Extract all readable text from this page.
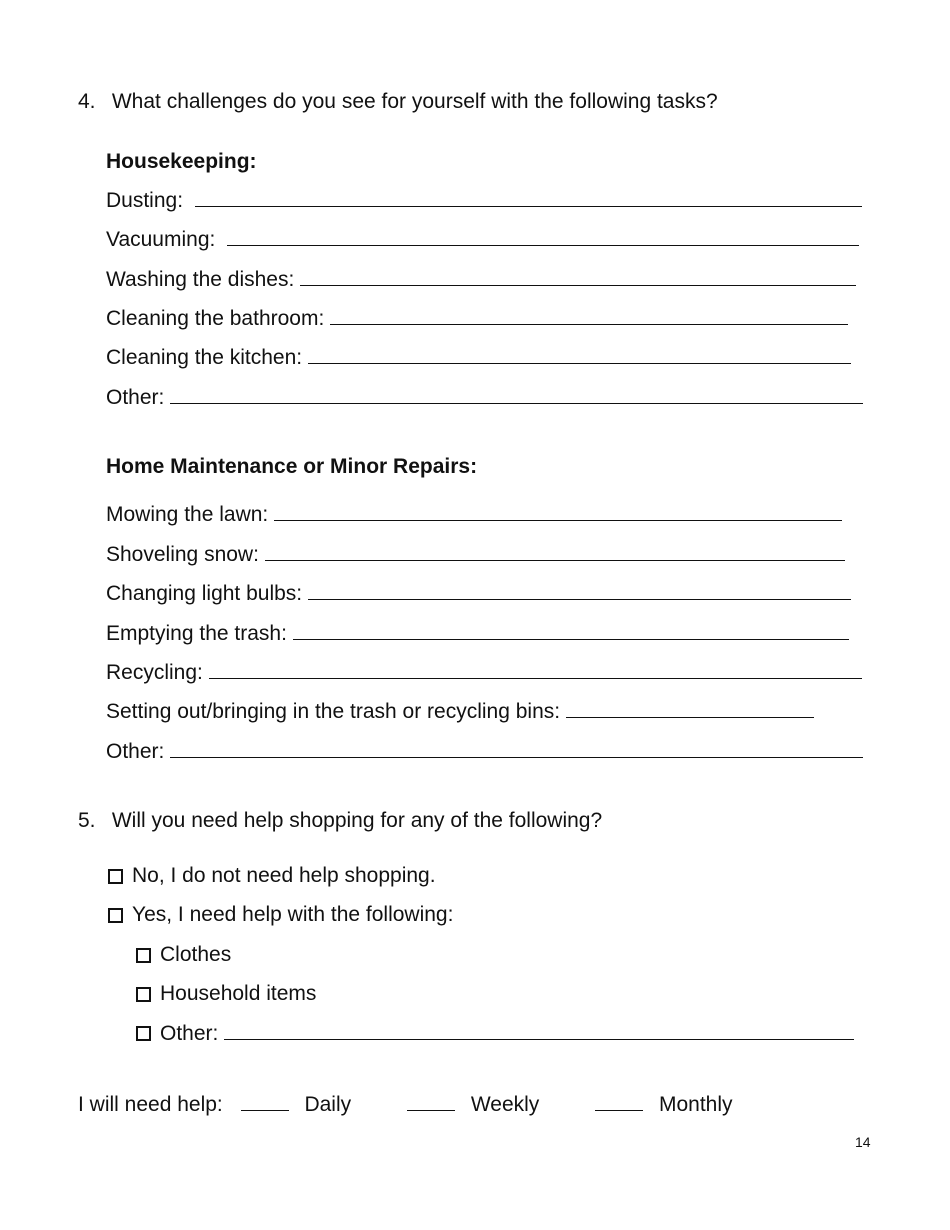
4. What challenges do you see for yourself with the following tasks?
Housekeeping:
Dusting:
Vacuuming:
Washing the dishes:
Cleaning the bathroom:
Cleaning the kitchen:
Other:
Home Maintenance or Minor Repairs:
Mowing the lawn:
Shoveling snow:
Changing light bulbs:
Emptying the trash:
Recycling:
Setting out/bringing in the trash or recycling bins:
Other:
5. Will you need help shopping for any of the following?
No, I do not need help shopping.
Yes, I need help with the following:
Clothes
Household items
Other:
I will need help:	Daily	Weekly	Monthly
14
